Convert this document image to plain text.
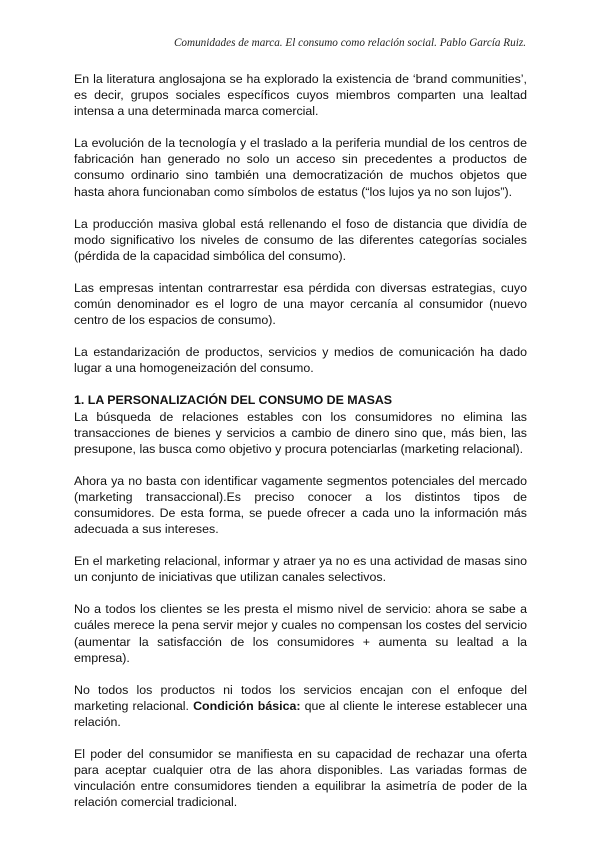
Comunidades de marca. El consumo como relación social. Pablo García Ruiz.

En la literatura anglosajona se ha explorado la existencia de ‘brand communities’, es decir, grupos sociales específicos cuyos miembros comparten una lealtad intensa a una determinada marca comercial.

La evolución de la tecnología y el traslado a la periferia mundial de los centros de fabricación han generado no solo un acceso sin precedentes a productos de consumo ordinario sino también una democratización de muchos objetos que hasta ahora funcionaban como símbolos de estatus (“los lujos ya no son lujos”).

La producción masiva global está rellenando el foso de distancia que dividía de modo significativo los niveles de consumo de las diferentes categorías sociales (pérdida de la capacidad simbólica del consumo).

Las empresas intentan contrarrestar esa pérdida con diversas estrategias, cuyo común denominador es el logro de una mayor cercanía al consumidor (nuevo centro de los espacios de consumo).

La estandarización de productos, servicios y medios de comunicación ha dado lugar a una homogeneización del consumo.

1. LA PERSONALIZACIÓN DEL CONSUMO DE MASAS

La búsqueda de relaciones estables con los consumidores no elimina las transacciones de bienes y servicios a cambio de dinero sino que, más bien, las presupone, las busca como objetivo y procura potenciarlas (marketing relacional).

Ahora ya no basta con identificar vagamente segmentos potenciales del mercado (marketing transaccional).Es preciso conocer a los distintos tipos de consumidores. De esta forma, se puede ofrecer a cada uno la información más adecuada a sus intereses.

En el marketing relacional, informar y atraer ya no es una actividad de masas sino un conjunto de iniciativas que utilizan canales selectivos.

No a todos los clientes se les presta el mismo nivel de servicio: ahora se sabe a cuáles merece la pena servir mejor y cuales no compensan los costes del servicio (aumentar la satisfacción de los consumidores + aumenta su lealtad a la empresa).

No todos los productos ni todos los servicios encajan con el enfoque del marketing relacional. Condición básica: que al cliente le interese establecer una relación.

El poder del consumidor se manifiesta en su capacidad de rechazar una oferta para aceptar cualquier otra de las ahora disponibles. Las variadas formas de vinculación entre consumidores tienden a equilibrar la asimetría de poder de la relación comercial tradicional.
